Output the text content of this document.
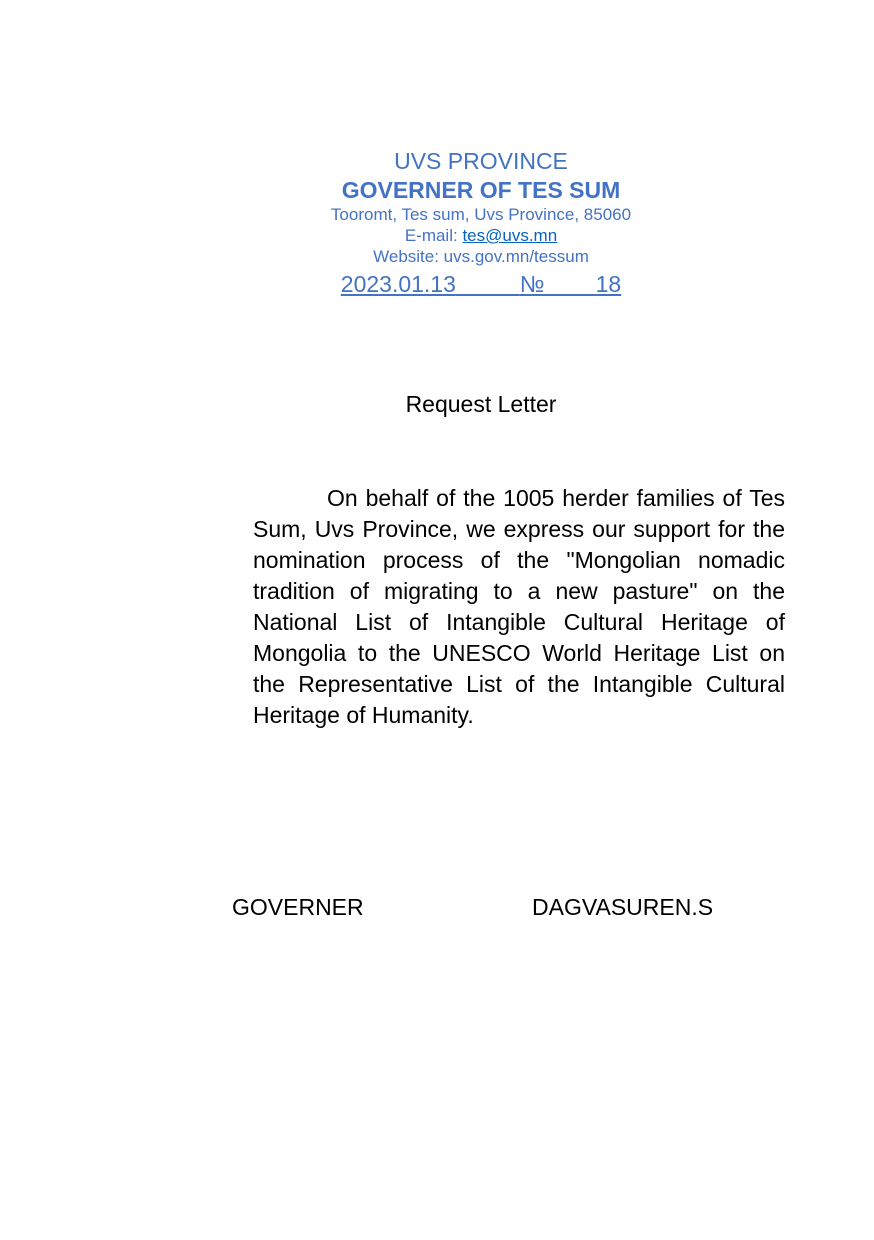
UVS PROVINCE
GOVERNER OF TES SUM
Tooromt, Tes sum, Uvs Province, 85060
E-mail: tes@uvs.mn
Website: uvs.gov.mn/tessum
2023.01.13	№ 18
Request Letter

On behalf of the 1005 herder families of Tes Sum, Uvs Province, we express our support for the nomination process of the "Mongolian nomadic tradition of migrating to a new pasture" on the National List of Intangible Cultural Heritage of Mongolia to the UNESCO World Heritage List on the Representative List of the Intangible Cultural Heritage of Humanity.

GOVERNER	DAGVASUREN.S
